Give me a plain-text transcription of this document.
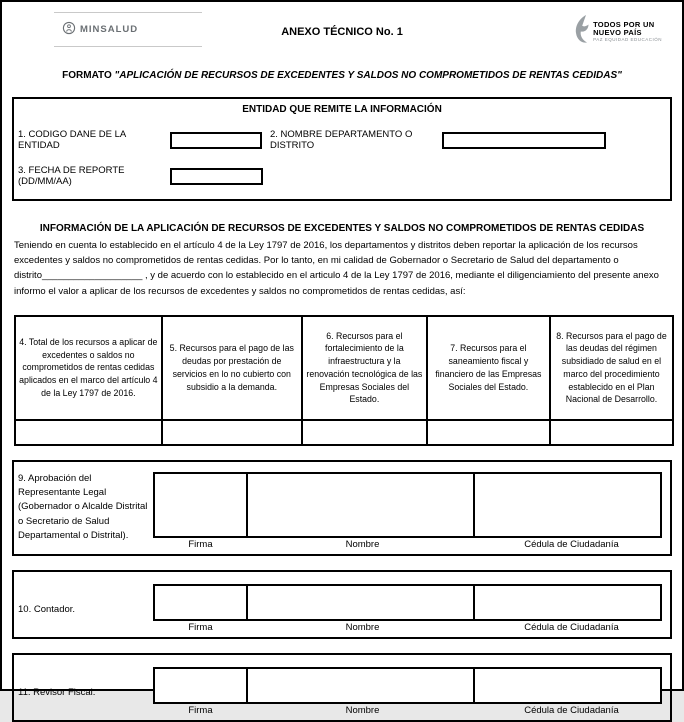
MINSALUD	ANEXO TÉCNICO No. 1
TODOS POR UN
NUEVO PAÍS
PAZ EQUIDAD EDUCACIÓN
FORMATO "APLICACIÓN DE RECURSOS DE EXCEDENTES Y SALDOS NO COMPROMETIDOS DE RENTAS CEDIDAS"
ENTIDAD QUE REMITE LA INFORMACIÓN
1. CODIGO DANE DE LA ENTIDAD
2. NOMBRE DEPARTAMENTO O DISTRITO
3. FECHA DE REPORTE (DD/MM/AA)
INFORMACIÓN DE LA APLICACIÓN DE RECURSOS DE EXCEDENTES Y SALDOS NO COMPROMETIDOS DE RENTAS CEDIDAS
Teniendo en cuenta lo establecido en el artículo 4 de la Ley 1797 de 2016, los departamentos y distritos deben reportar la aplicación de los recursos excedentes y saldos no comprometidos de rentas cedidas. Por lo tanto, en mi calidad de Gobernador o Secretario de Salud del departamento o distrito___________________ , y de acuerdo con lo establecido en el articulo 4 de la Ley 1797 de 2016, mediante el diligenciamiento del presente anexo informo el valor a aplicar de los recursos de excedentes y saldos no comprometidos de rentas cedidas, así:
4. Total de los recursos a aplicar de excedentes o saldos no comprometidos de rentas cedidas aplicados en el marco del artículo 4 de la Ley 1797 de 2016.	5. Recursos para el pago de las deudas por prestación de servicios en lo no cubierto con subsidio a la demanda.	6. Recursos para el fortalecimiento de la infraestructura y la renovación tecnológica de las Empresas Sociales del Estado.	7. Recursos para el saneamiento fiscal y financiero de las Empresas Sociales del Estado.	8. Recursos para el pago de las deudas del régimen subsidiado de salud en el marco del procedimiento establecido en el Plan Nacional de Desarrollo.

9. Aprobación del Representante Legal (Gobernador o Alcalde Distrital o Secretario de Salud Departamental o Distrital).
Firma	Nombre	Cédula de Ciudadanía
10. Contador.
Firma	Nombre	Cédula de Ciudadanía
11. Revisor Fiscal.
Firma	Nombre	Cédula de Ciudadanía
